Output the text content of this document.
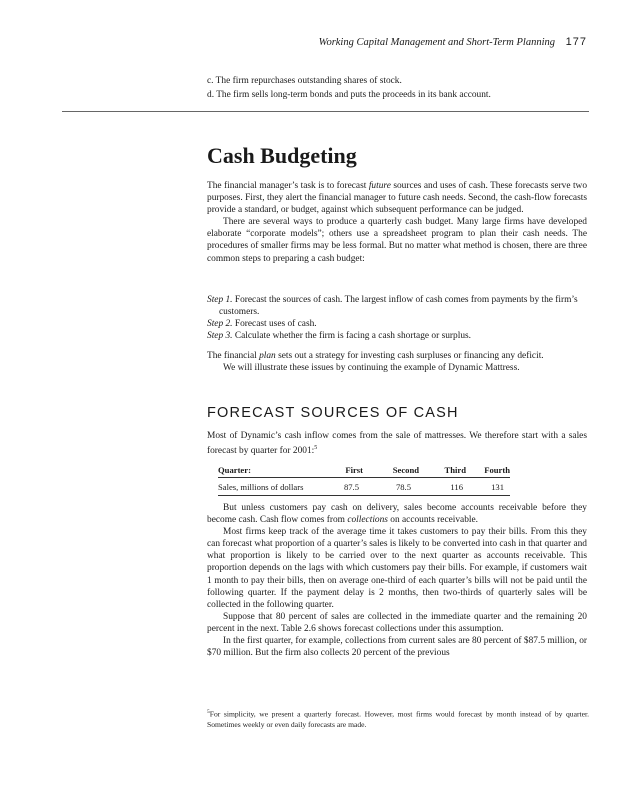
Working Capital Management and Short-Term Planning 177
c. The firm repurchases outstanding shares of stock.
d. The firm sells long-term bonds and puts the proceeds in its bank account.
Cash Budgeting

The financial manager’s task is to forecast future sources and uses of cash. These forecasts serve two purposes. First, they alert the financial manager to future cash needs. Second, the cash-flow forecasts provide a standard, or budget, against which subsequent performance can be judged.

There are several ways to produce a quarterly cash budget. Many large firms have developed elaborate “corporate models”; others use a spreadsheet program to plan their cash needs. The procedures of smaller firms may be less formal. But no matter what method is chosen, there are three common steps to preparing a cash budget:

Step 1. Forecast the sources of cash. The largest inflow of cash comes from payments by the firm’s customers.

Step 2. Forecast uses of cash.

Step 3. Calculate whether the firm is facing a cash shortage or surplus.

The financial plan sets out a strategy for investing cash surpluses or financing any deficit.

We will illustrate these issues by continuing the example of Dynamic Mattress.

FORECAST SOURCES OF CASH

Most of Dynamic’s cash inflow comes from the sale of mattresses. We therefore start with a sales forecast by quarter for 2001:$^5$

Quarter:	First	Second	Third	Fourth
Sales, millions of dollars	87.5	78.5	116	131

But unless customers pay cash on delivery, sales become accounts receivable before they become cash. Cash flow comes from collections on accounts receivable.

Most firms keep track of the average time it takes customers to pay their bills. From this they can forecast what proportion of a quarter’s sales is likely to be converted into cash in that quarter and what proportion is likely to be carried over to the next quarter as accounts receivable. This proportion depends on the lags with which customers pay their bills. For example, if customers wait 1 month to pay their bills, then on average one-third of each quarter’s bills will not be paid until the following quarter. If the payment delay is 2 months, then two-thirds of quarterly sales will be collected in the following quarter.

Suppose that 80 percent of sales are collected in the immediate quarter and the remaining 20 percent in the next. Table 2.6 shows forecast collections under this assumption.

In the first quarter, for example, collections from current sales are 80 percent of $87.5 million, or $70 million. But the firm also collects 20 percent of the previous

$^5$For simplicity, we present a quarterly forecast. However, most firms would forecast by month instead of by quarter. Sometimes weekly or even daily forecasts are made.
